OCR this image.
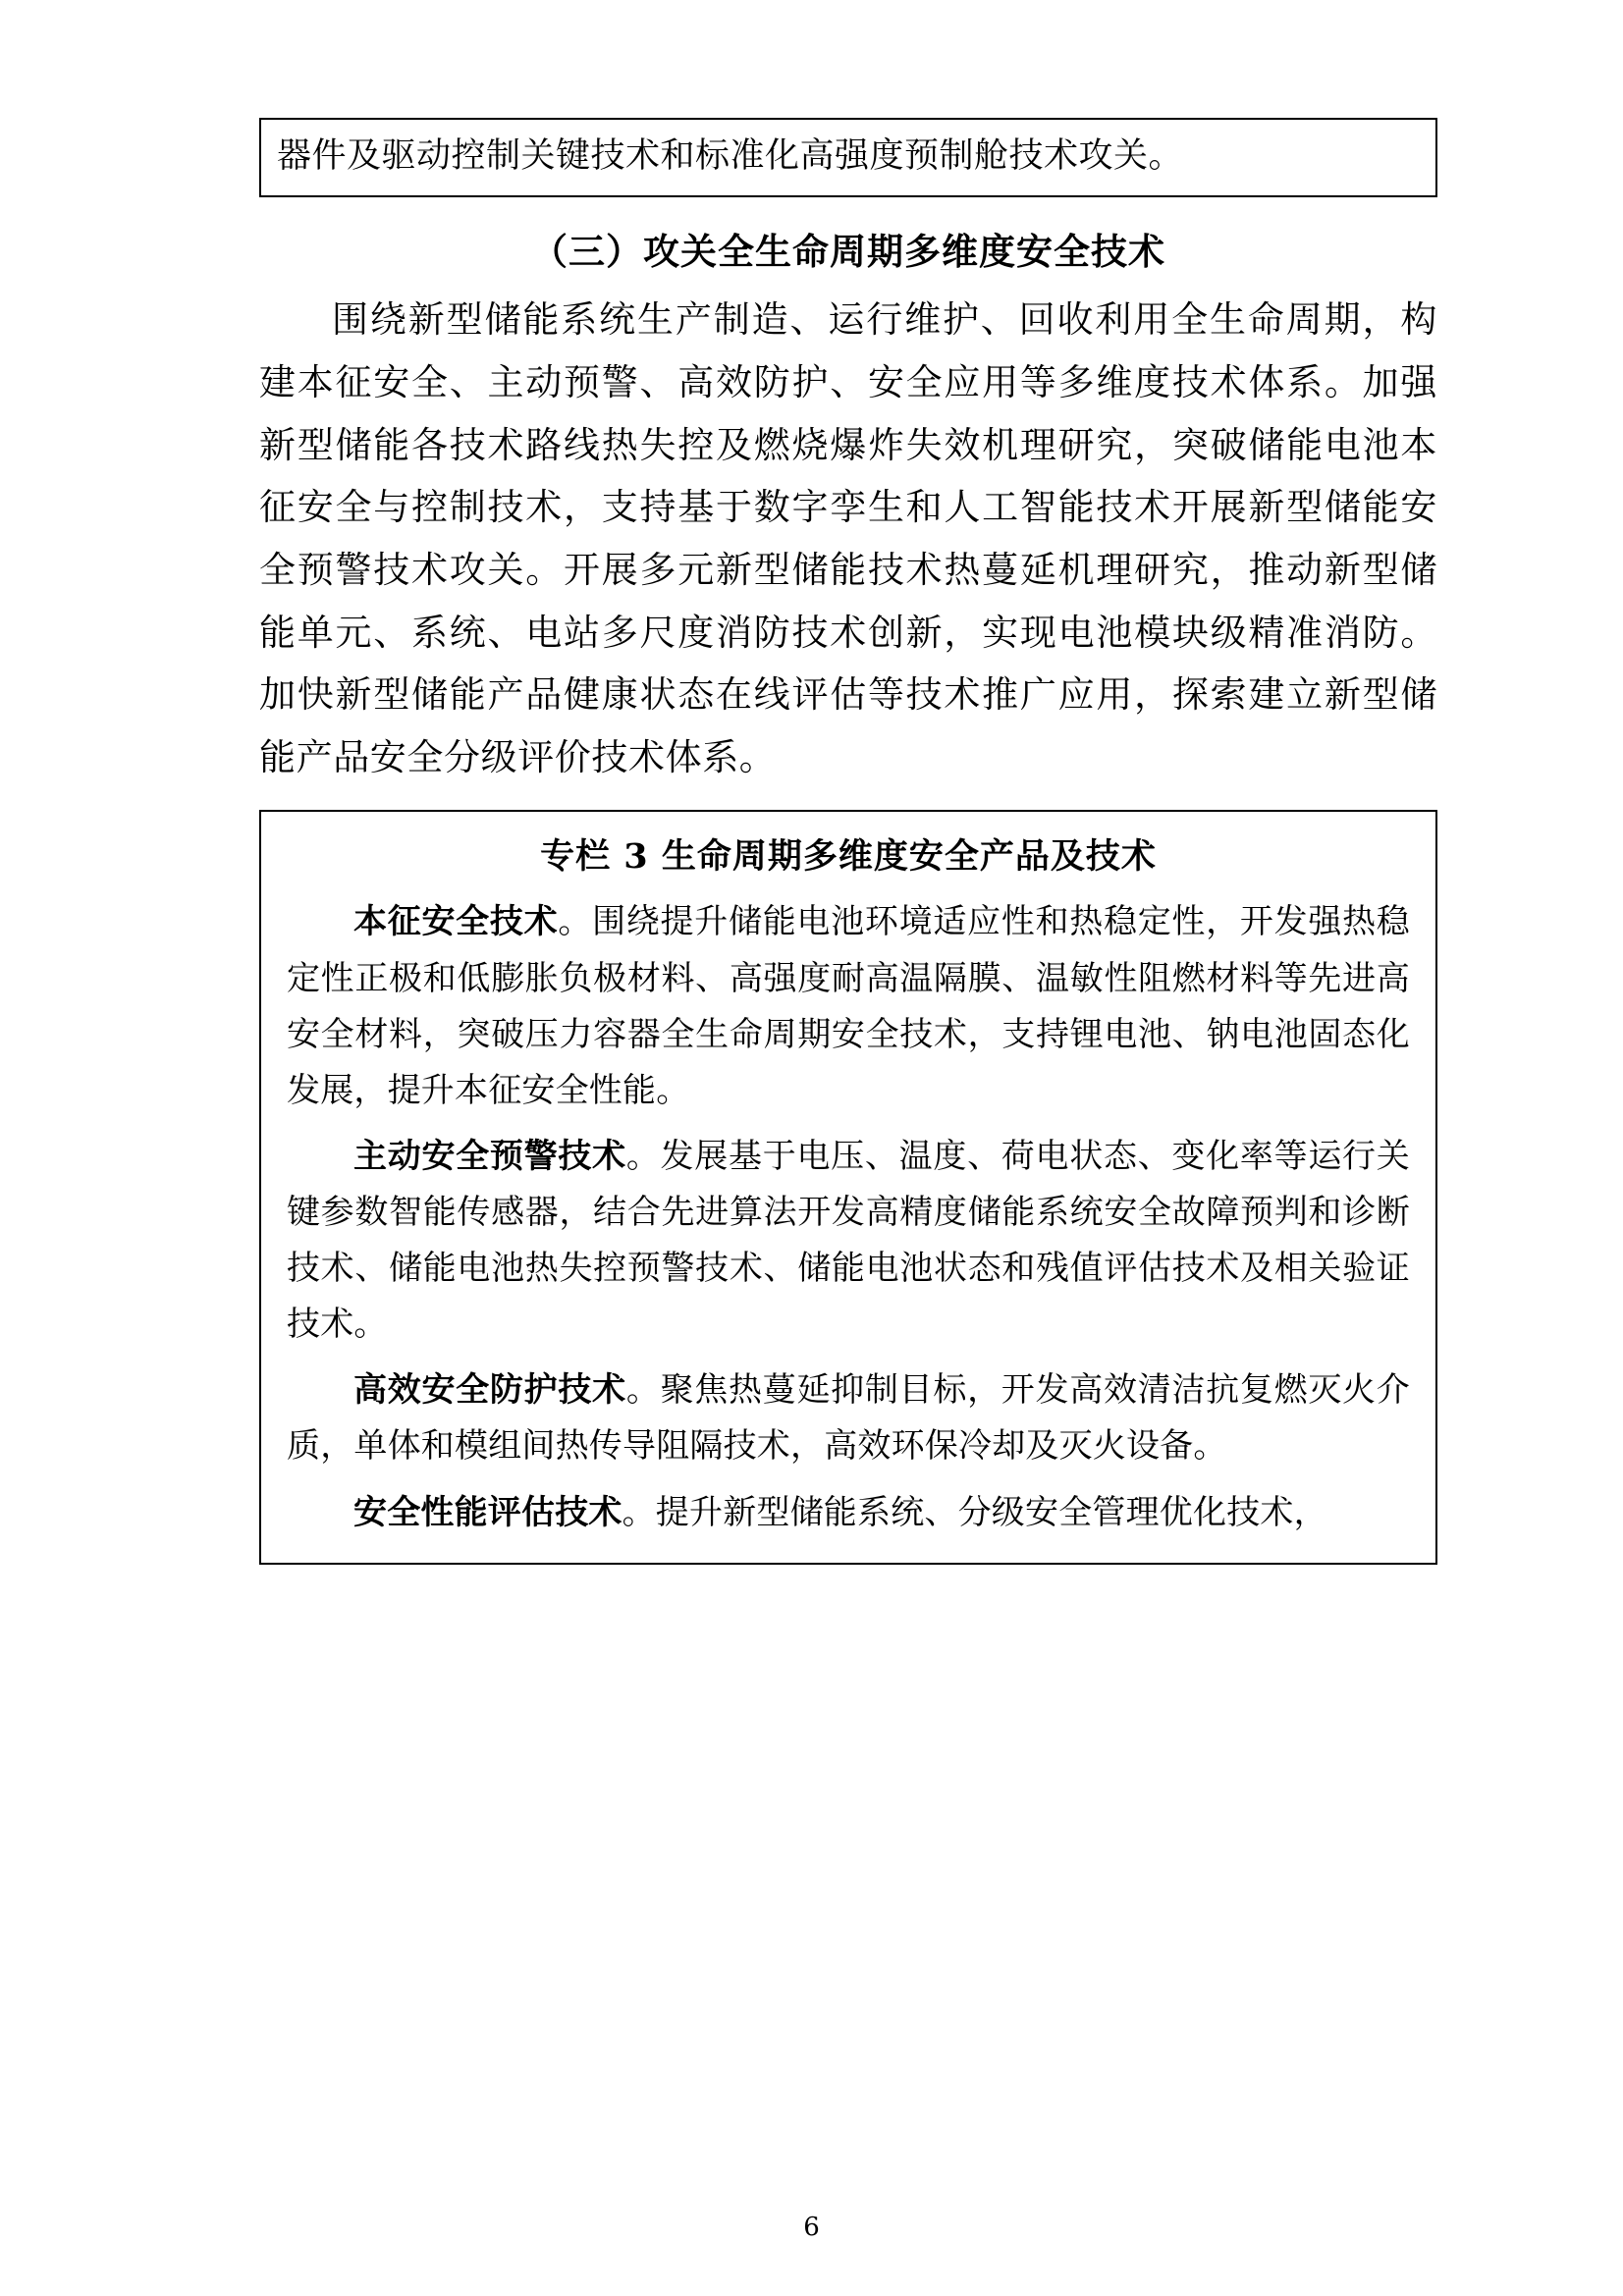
器件及驱动控制关键技术和标准化高强度预制舱技术攻关。
（三）攻关全生命周期多维度安全技术
围绕新型储能系统生产制造、运行维护、回收利用全生命周期，构建本征安全、主动预警、高效防护、安全应用等多维度技术体系。加强新型储能各技术路线热失控及燃烧爆炸失效机理研究，突破储能电池本征安全与控制技术，支持基于数字孪生和人工智能技术开展新型储能安全预警技术攻关。开展多元新型储能技术热蔓延机理研究，推动新型储能单元、系统、电站多尺度消防技术创新，实现电池模块级精准消防。加快新型储能产品健康状态在线评估等技术推广应用，探索建立新型储能产品安全分级评价技术体系。
专栏 3 生命周期多维度安全产品及技术
本征安全技术。围绕提升储能电池环境适应性和热稳定性，开发强热稳定性正极和低膨胀负极材料、高强度耐高温隔膜、温敏性阻燃材料等先进高安全材料，突破压力容器全生命周期安全技术，支持锂电池、钠电池固态化发展，提升本征安全性能。
主动安全预警技术。发展基于电压、温度、荷电状态、变化率等运行关键参数智能传感器，结合先进算法开发高精度储能系统安全故障预判和诊断技术、储能电池热失控预警技术、储能电池状态和残值评估技术及相关验证技术。
高效安全防护技术。聚焦热蔓延抑制目标，开发高效清洁抗复燃灭火介质，单体和模组间热传导阻隔技术，高效环保冷却及灭火设备。
安全性能评估技术。提升新型储能系统、分级安全管理优化技术，
6
